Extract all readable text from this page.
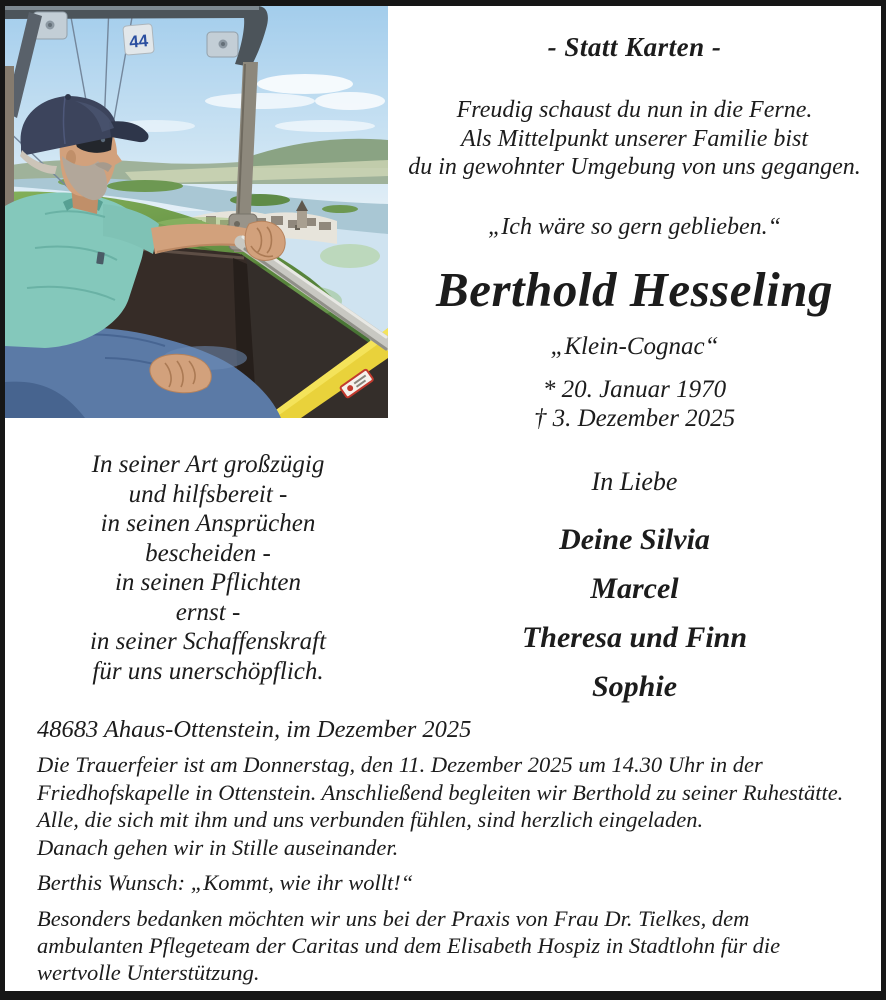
44	- Statt Karten -
Freudig schaust du nun in die Ferne.
Als Mittelpunkt unserer Familie bist
du in gewohnter Umgebung von uns gegangen.
„Ich wäre so gern geblieben.“
Berthold Hesseling
„Klein-Cognac“
* 20. Januar 1970
† 3. Dezember 2025
In seiner Art großzügig
und hilfsbereit -
in seinen Ansprüchen
bescheiden -
in seinen Pflichten
ernst -
in seiner Schaffenskraft
für uns unerschöpflich.
In Liebe
Deine Silvia
Marcel
Theresa und Finn
Sophie
48683 Ahaus-Ottenstein, im Dezember 2025
Die Trauerfeier ist am Donnerstag, den 11. Dezember 2025 um 14.30 Uhr in der
Friedhofskapelle in Ottenstein. Anschließend begleiten wir Berthold zu seiner Ruhestätte.
Alle, die sich mit ihm und uns verbunden fühlen, sind herzlich eingeladen.
Danach gehen wir in Stille auseinander.
Berthis Wunsch: „Kommt, wie ihr wollt!“
Besonders bedanken möchten wir uns bei der Praxis von Frau Dr. Tielkes, dem
ambulanten Pflegeteam der Caritas und dem Elisabeth Hospiz in Stadtlohn für die
wertvolle Unterstützung.
